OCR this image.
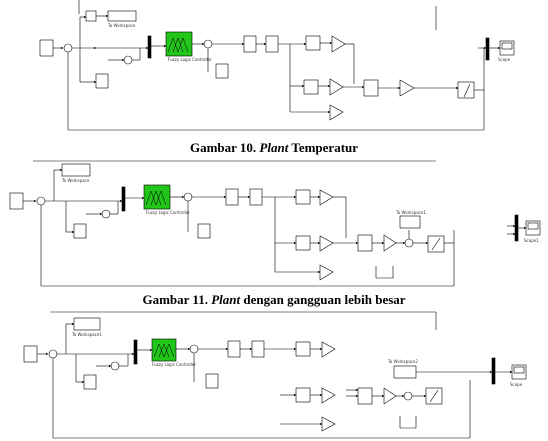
To Workspace
Fuzzy Logic Controller	Scope
To Workspace
Fuzzy Logic Controller	To Workspace1
Scope1
To Workspace1
Fuzzy Logic Controller
To Workspace2
Scope
Gambar 10. Plant Temperatur
Gambar 11. Plant dengan gangguan lebih besar
